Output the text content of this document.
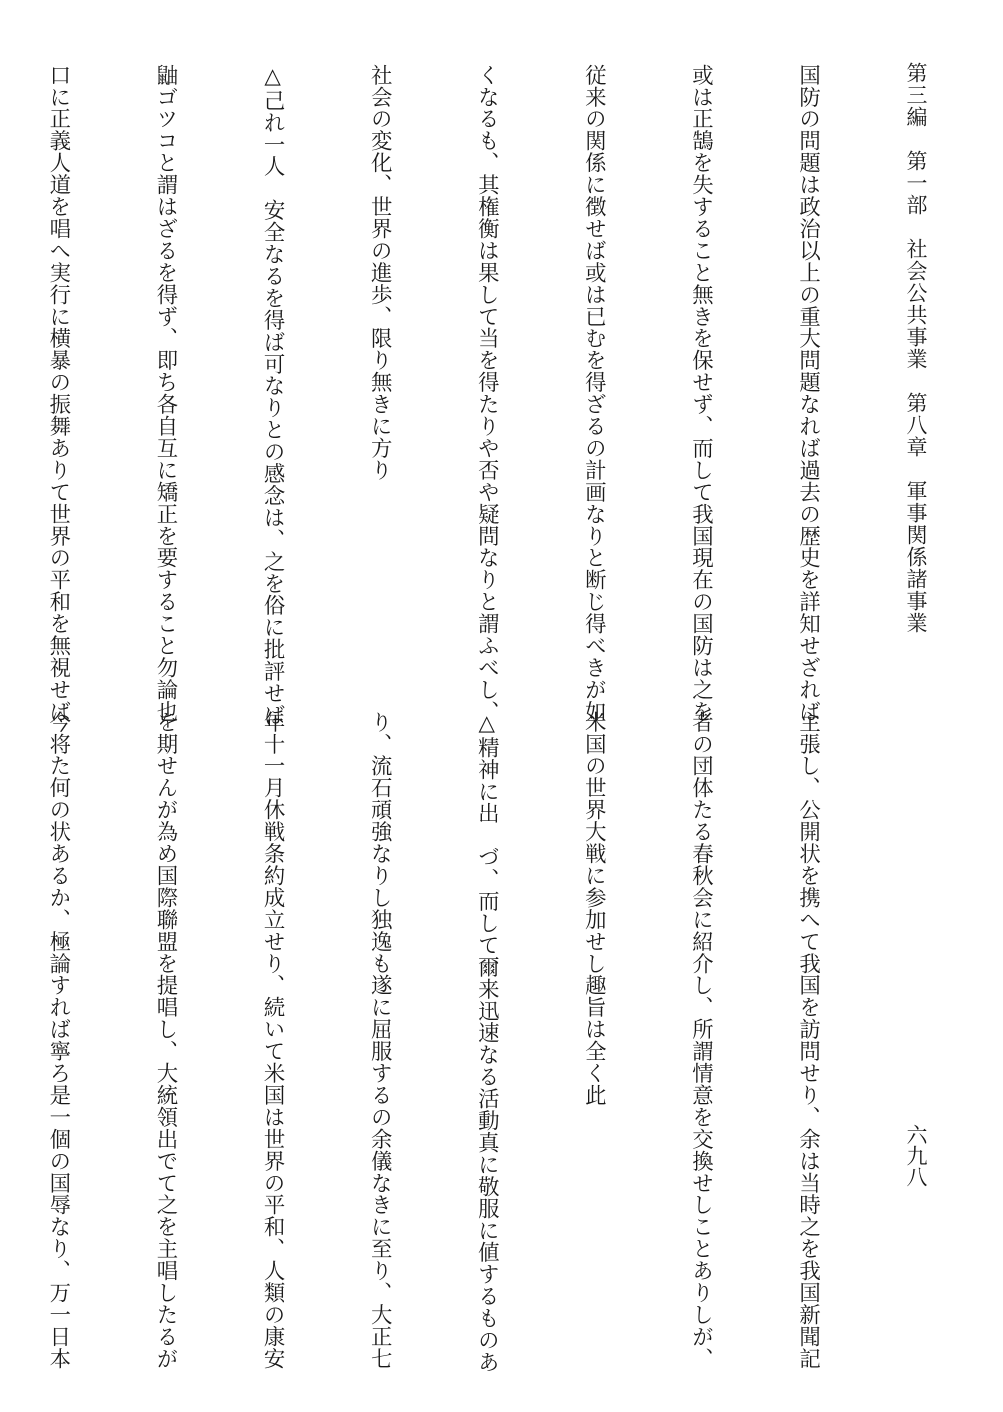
第三編　第一部　社会公共事業　第八章　軍事関係諸事業
六九八

国防の問題は政治以上の重大問題なれば過去の歴史を詳知せざれば

或は正鵠を失すること無きを保せず、而して我国現在の国防は之を

従来の関係に徴せば或は已むを得ざるの計画なりと断じ得べきが如

くなるも、其権衡は果して当を得たりや否や疑問なりと謂ふべし、

社会の変化、世界の進歩、限り無きに方り

△己れ一人　安全なるを得ば可なりとの感念は、之を俗に批評せば

鼬ゴツコと謂はざるを得ず、即ち各自互に矯正を要すること勿論也

口に正義人道を唱へ実行に横暴の振舞ありて世界の平和を無視せば

主張し、公開状を携へて我国を訪問せり、余は当時之を我国新聞記

者の団体たる春秋会に紹介し、所謂情意を交換せしことありしが、

米国の世界大戦に参加せし趣旨は全く此

△精神に出　づ、而して爾来迅速なる活動真に敬服に値するものあ

り、流石頑強なりし独逸も遂に屈服するの余儀なきに至り、大正七

年十一月休戦条約成立せり、続いて米国は世界の平和、人類の康安

を期せんが為め国際聯盟を提唱し、大統領出でて之を主唱したるが

今将た何の状あるか、極論すれば寧ろ是一個の国辱なり、万一日本
